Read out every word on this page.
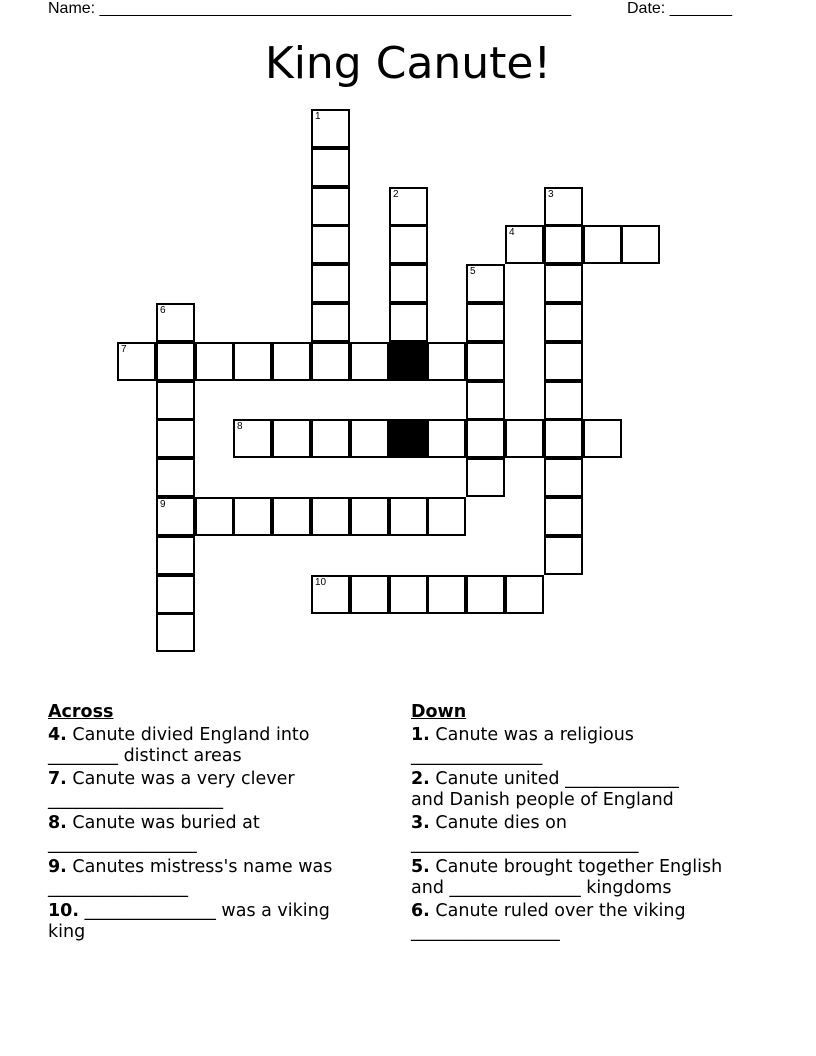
Name: _____________________________________________________	Date: _______
King Canute!
1
2	3
4
5
6
9
7
8
10
Across
4. Canute divied England into
________ distinct areas
7. Canute was a very clever
____________________
8. Canute was buried at
_________________
9. Canutes mistress's name was
________________
10. _______________ was a viking
king
Down
1. Canute was a religious
_______________
2. Canute united _____________
and Danish people of England
3. Canute dies on
__________________________
5. Canute brought together English
and _______________ kingdoms
6. Canute ruled over the viking
_________________
